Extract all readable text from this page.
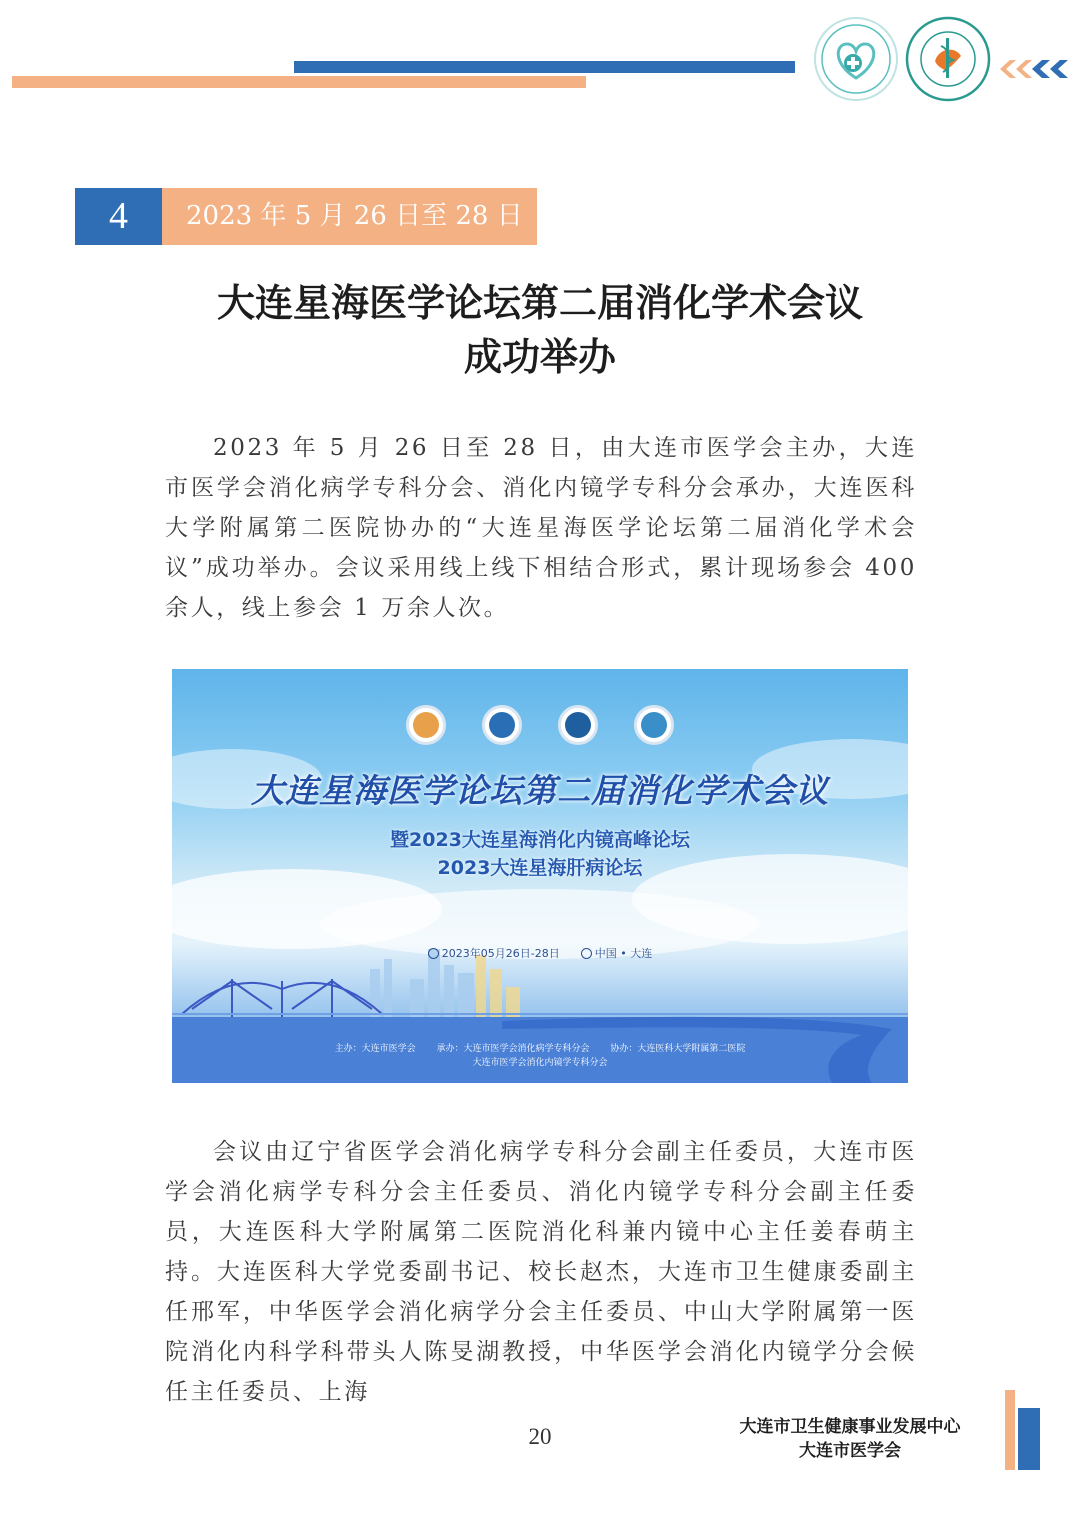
4	2023 年 5 月 26 日至 28 日
大连星海医学论坛第二届消化学术会议
成功举办

2023 年 5 月 26 日至 28 日，由大连市医学会主办，大连市医学会消化病学专科分会、消化内镜学专科分会承办，大连医科大学附属第二医院协办的“大连星海医学论坛第二届消化学术会议”成功举办。会议采用线上线下相结合形式，累计现场参会 400 余人，线上参会 1 万余人次。

大连星海医学论坛第二届消化学术会议
暨2023大连星海消化内镜高峰论坛
2023大连星海肝病论坛
2023年05月26日-28日	中国 • 大连
主办：大连市医学会 承办：大连市医学会消化病学专科分会 协办：大连医科大学附属第二医院
大连市医学会消化内镜学专科分会

会议由辽宁省医学会消化病学专科分会副主任委员，大连市医学会消化病学专科分会主任委员、消化内镜学专科分会副主任委员，大连医科大学附属第二医院消化科兼内镜中心主任姜春萌主持。大连医科大学党委副书记、校长赵杰，大连市卫生健康委副主任邢军，中华医学会消化病学分会主任委员、中山大学附属第一医院消化内科学科带头人陈旻湖教授，中华医学会消化内镜学分会候任主任委员、上海

20	大连市卫生健康事业发展中心
大连市医学会
